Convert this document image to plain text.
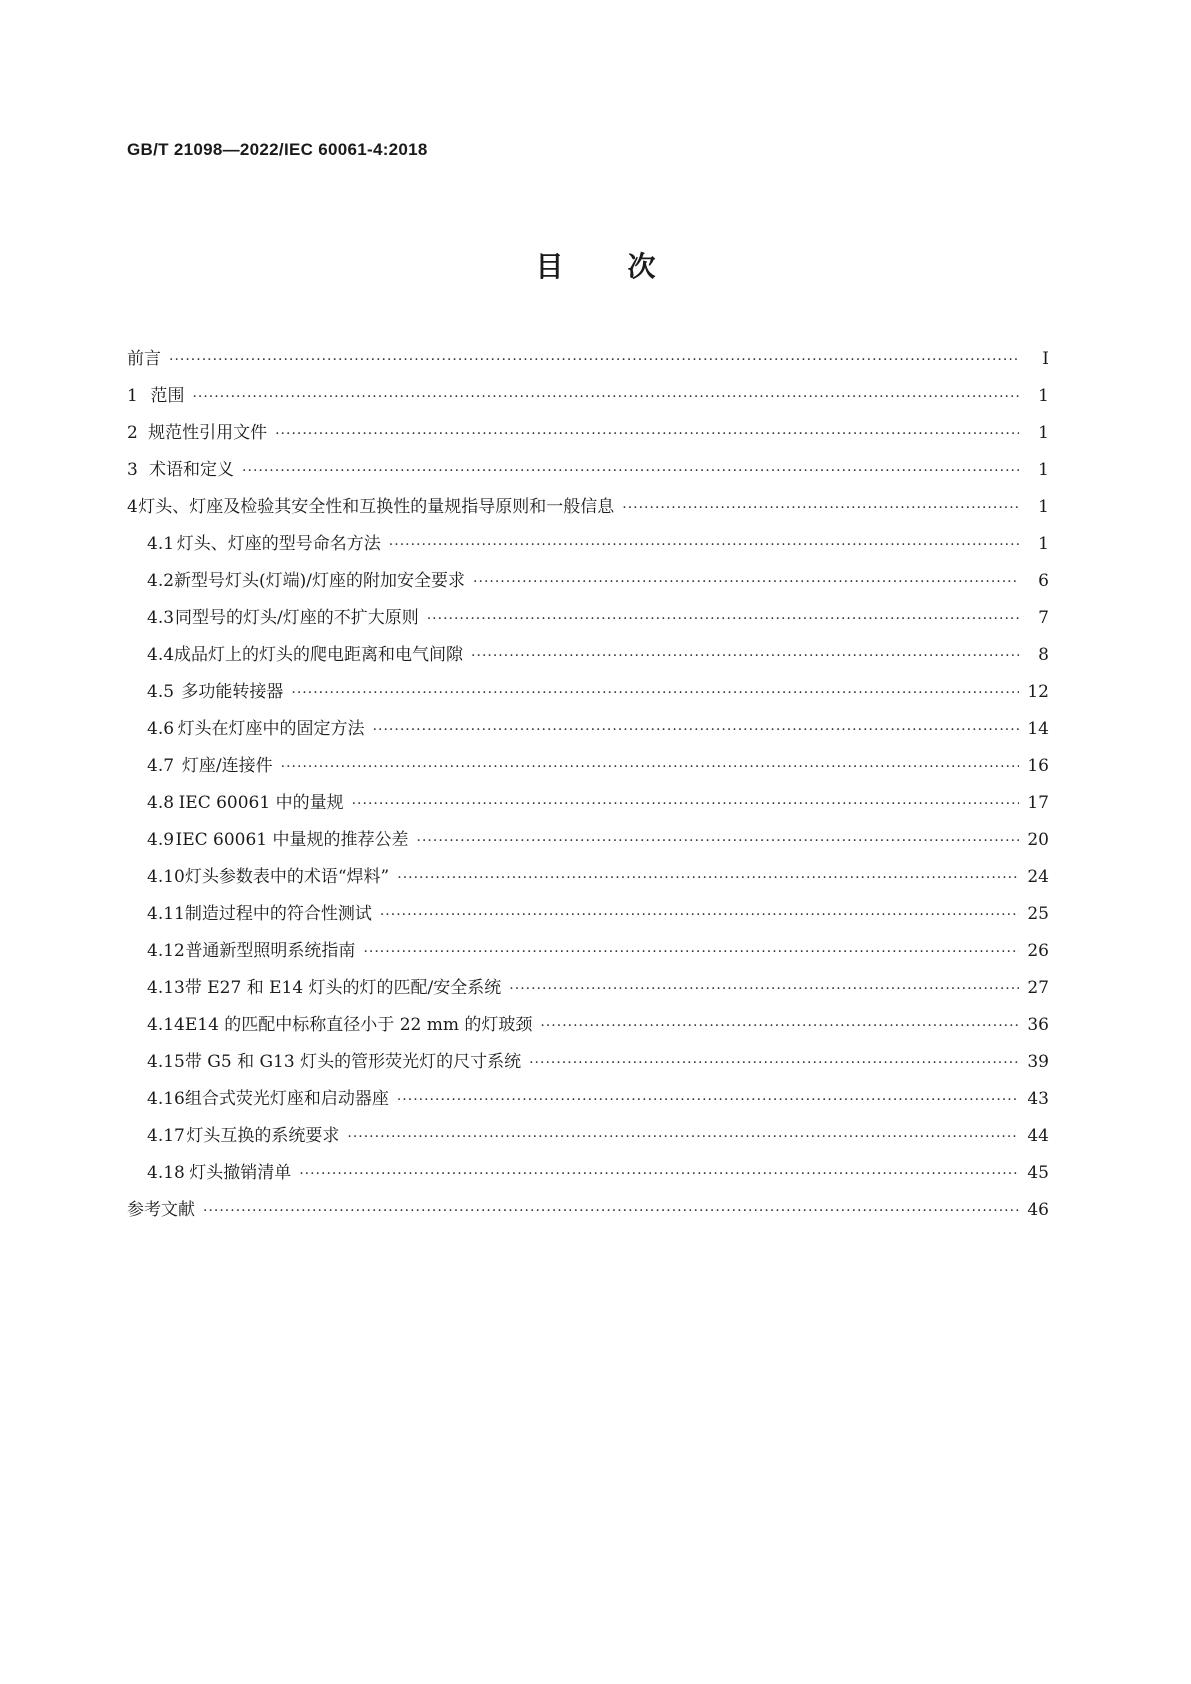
GB/T 21098—2022/IEC 60061-4:2018
目次
前言 ·····	Ⅰ
1 范围 ·····	1
2 规范性引用文件 ·····	1
3 术语和定义 ·····	1
4 灯头、灯座及检验其安全性和互换性的量规指导原则和一般信息 ·····	1
4.1 灯头、灯座的型号命名方法 ·····	1
4.2 新型号灯头(灯端)/灯座的附加安全要求 ·····	6
4.3 同型号的灯头/灯座的不扩大原则 ·····	7
4.4 成品灯上的灯头的爬电距离和电气间隙 ·····	8
4.5 多功能转接器 ·····	12
4.6 灯头在灯座中的固定方法 ·····	14
4.7 灯座/连接件 ·····	16
4.8 IEC 60061 中的量规 ·····	17
4.9 IEC 60061 中量规的推荐公差 ·····	20
4.10 灯头参数表中的术语“焊料” ·····	24
4.11 制造过程中的符合性测试 ·····	25
4.12 普通新型照明系统指南 ·····	26
4.13 带 E27 和 E14 灯头的灯的匹配/安全系统 ·····	27
4.14 E14 的匹配中标称直径小于 22 mm 的灯玻颈 ·····	36
4.15 带 G5 和 G13 灯头的管形荧光灯的尺寸系统 ·····	39
4.16 组合式荧光灯座和启动器座 ·····	43
4.17 灯头互换的系统要求 ·····	44
4.18 灯头撤销清单 ·····	45
参考文献 ·····	46
